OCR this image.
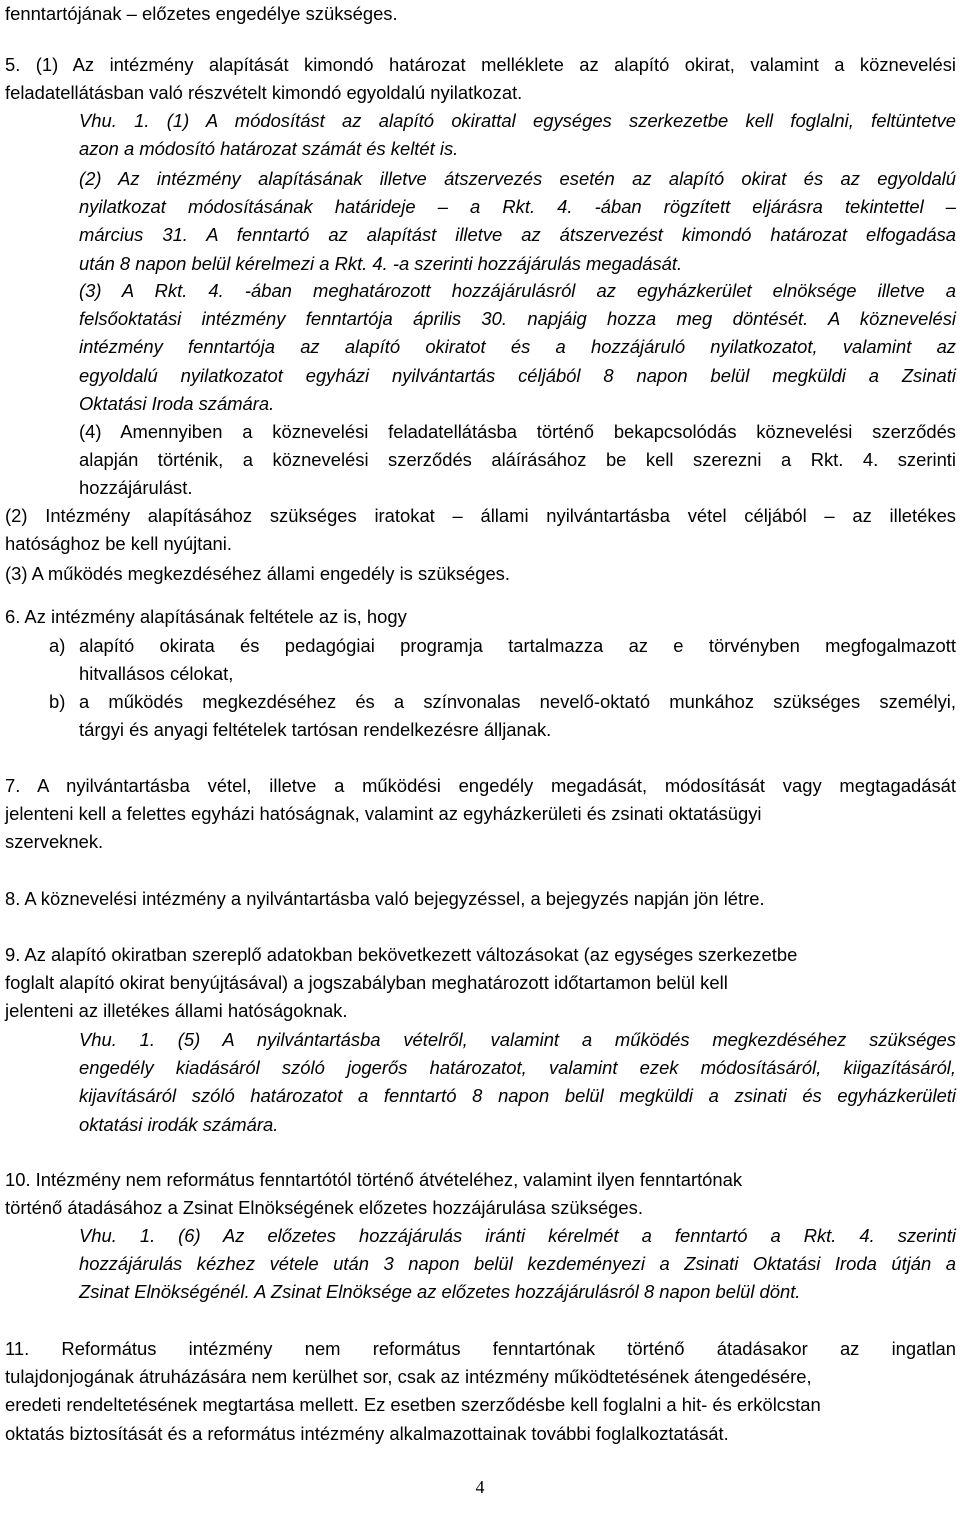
fenntartójának – előzetes engedélye szükséges.

5. (1) Az intézmény alapítását kimondó határozat melléklete az alapító okirat, valamint a köznevelési
feladatellátásban való részvételt kimondó egyoldalú nyilatkozat.

Vhu. 1. (1) A módosítást az alapító okirattal egységes szerkezetbe kell foglalni, feltüntetve
azon a módosító határozat számát és keltét is.

(2) Az intézmény alapításának illetve átszervezés esetén az alapító okirat és az egyoldalú
nyilatkozat módosításának határideje – a Rkt. 4. -ában rögzített eljárásra tekintettel –
március 31. A fenntartó az alapítást illetve az átszervezést kimondó határozat elfogadása
után 8 napon belül kérelmezi a Rkt. 4. -a szerinti hozzájárulás megadását.

(3) A Rkt. 4. -ában meghatározott hozzájárulásról az egyházkerület elnöksége illetve a
felsőoktatási intézmény fenntartója április 30. napjáig hozza meg döntését. A köznevelési
intézmény fenntartója az alapító okiratot és a hozzájáruló nyilatkozatot, valamint az
egyoldalú nyilatkozatot egyházi nyilvántartás céljából 8 napon belül megküldi a Zsinati
Oktatási Iroda számára.

(4) Amennyiben a köznevelési feladatellátásba történő bekapcsolódás köznevelési szerződés
alapján történik, a köznevelési szerződés aláírásához be kell szerezni a Rkt. 4. szerinti
hozzájárulást.

(2) Intézmény alapításához szükséges iratokat – állami nyilvántartásba vétel céljából – az illetékes
hatósághoz be kell nyújtani.

(3) A működés megkezdéséhez állami engedély is szükséges.

6. Az intézmény alapításának feltétele az is, hogy

a) alapító okirata és pedagógiai programja tartalmazza az e törvényben megfogalmazott
hitvallásos célokat,
b) a működés megkezdéséhez és a színvonalas nevelő-oktató munkához szükséges személyi,
tárgyi és anyagi feltételek tartósan rendelkezésre álljanak.

7. A nyilvántartásba vétel, illetve a működési engedély megadását, módosítását vagy megtagadását
jelenteni kell a felettes egyházi hatóságnak, valamint az egyházkerületi és zsinati oktatásügyi
szerveknek.

8. A köznevelési intézmény a nyilvántartásba való bejegyzéssel, a bejegyzés napján jön létre.

9. Az alapító okiratban szereplő adatokban bekövetkezett változásokat (az egységes szerkezetbe
foglalt alapító okirat benyújtásával) a jogszabályban meghatározott időtartamon belül kell
jelenteni az illetékes állami hatóságoknak.

Vhu. 1. (5) A nyilvántartásba vételről, valamint a működés megkezdéséhez szükséges
engedély kiadásáról szóló jogerős határozatot, valamint ezek módosításáról, kiigazításáról,
kijavításáról szóló határozatot a fenntartó 8 napon belül megküldi a zsinati és egyházkerületi
oktatási irodák számára.

10. Intézmény nem református fenntartótól történő átvételéhez, valamint ilyen fenntartónak
történő átadásához a Zsinat Elnökségének előzetes hozzájárulása szükséges.

Vhu. 1. (6) Az előzetes hozzájárulás iránti kérelmét a fenntartó a Rkt. 4. szerinti
hozzájárulás kézhez vétele után 3 napon belül kezdeményezi a Zsinati Oktatási Iroda útján a
Zsinat Elnökségénél. A Zsinat Elnöksége az előzetes hozzájárulásról 8 napon belül dönt.

11. Református intézmény nem református fenntartónak történő átadásakor az ingatlan
tulajdonjogának átruházására nem kerülhet sor, csak az intézmény működtetésének átengedésére,
eredeti rendeltetésének megtartása mellett. Ez esetben szerződésbe kell foglalni a hit- és erkölcstan
oktatás biztosítását és a református intézmény alkalmazottainak további foglalkoztatását.

4
